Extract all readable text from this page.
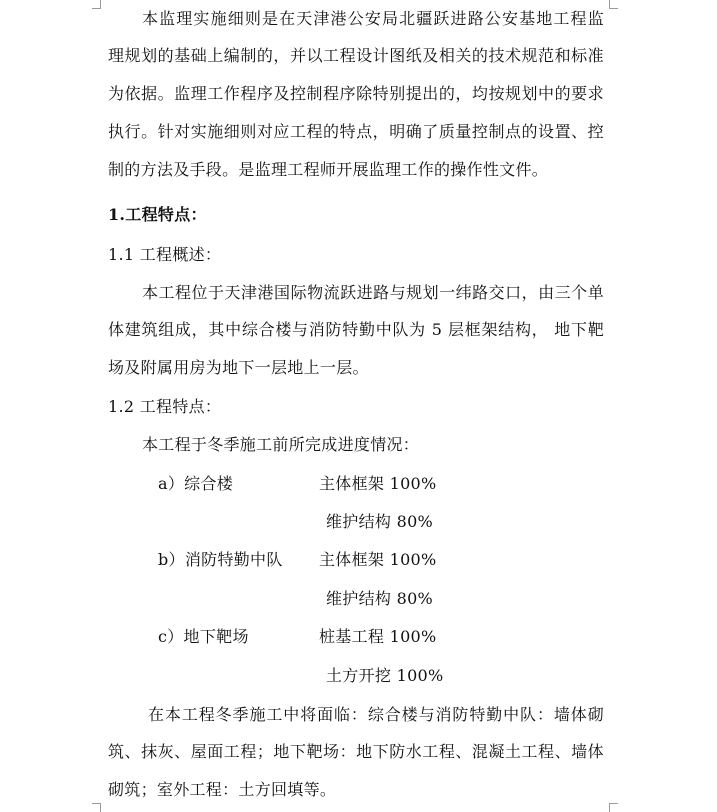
本监理实施细则是在天津港公安局北疆跃进路公安基地工程监
理规划的基础上编制的，并以工程设计图纸及相关的技术规范和标准
为依据。监理工作程序及控制程序除特别提出的，均按规划中的要求
执行。针对实施细则对应工程的特点，明确了质量控制点的设置、控
制的方法及手段。是监理工程师开展监理工作的操作性文件。
1.工程特点：
1.1 工程概述：
本工程位于天津港国际物流跃进路与规划一纬路交口，由三个单
体建筑组成，其中综合楼与消防特勤中队为 5 层框架结构， 地下靶
场及附属用房为地下一层地上一层。
1.2 工程特点：
本工程于冬季施工前所完成进度情况：
a）综合楼	主体框架 100%
维护结构 80%
b）消防特勤中队 主体框架 100%
维护结构 80%
c）地下靶场	桩基工程 100%
土方开挖 100%
在本工程冬季施工中将面临：综合楼与消防特勤中队：墙体砌
筑、抹灰、屋面工程；地下靶场：地下防水工程、混凝土工程、墙体
砌筑；室外工程：土方回填等。
